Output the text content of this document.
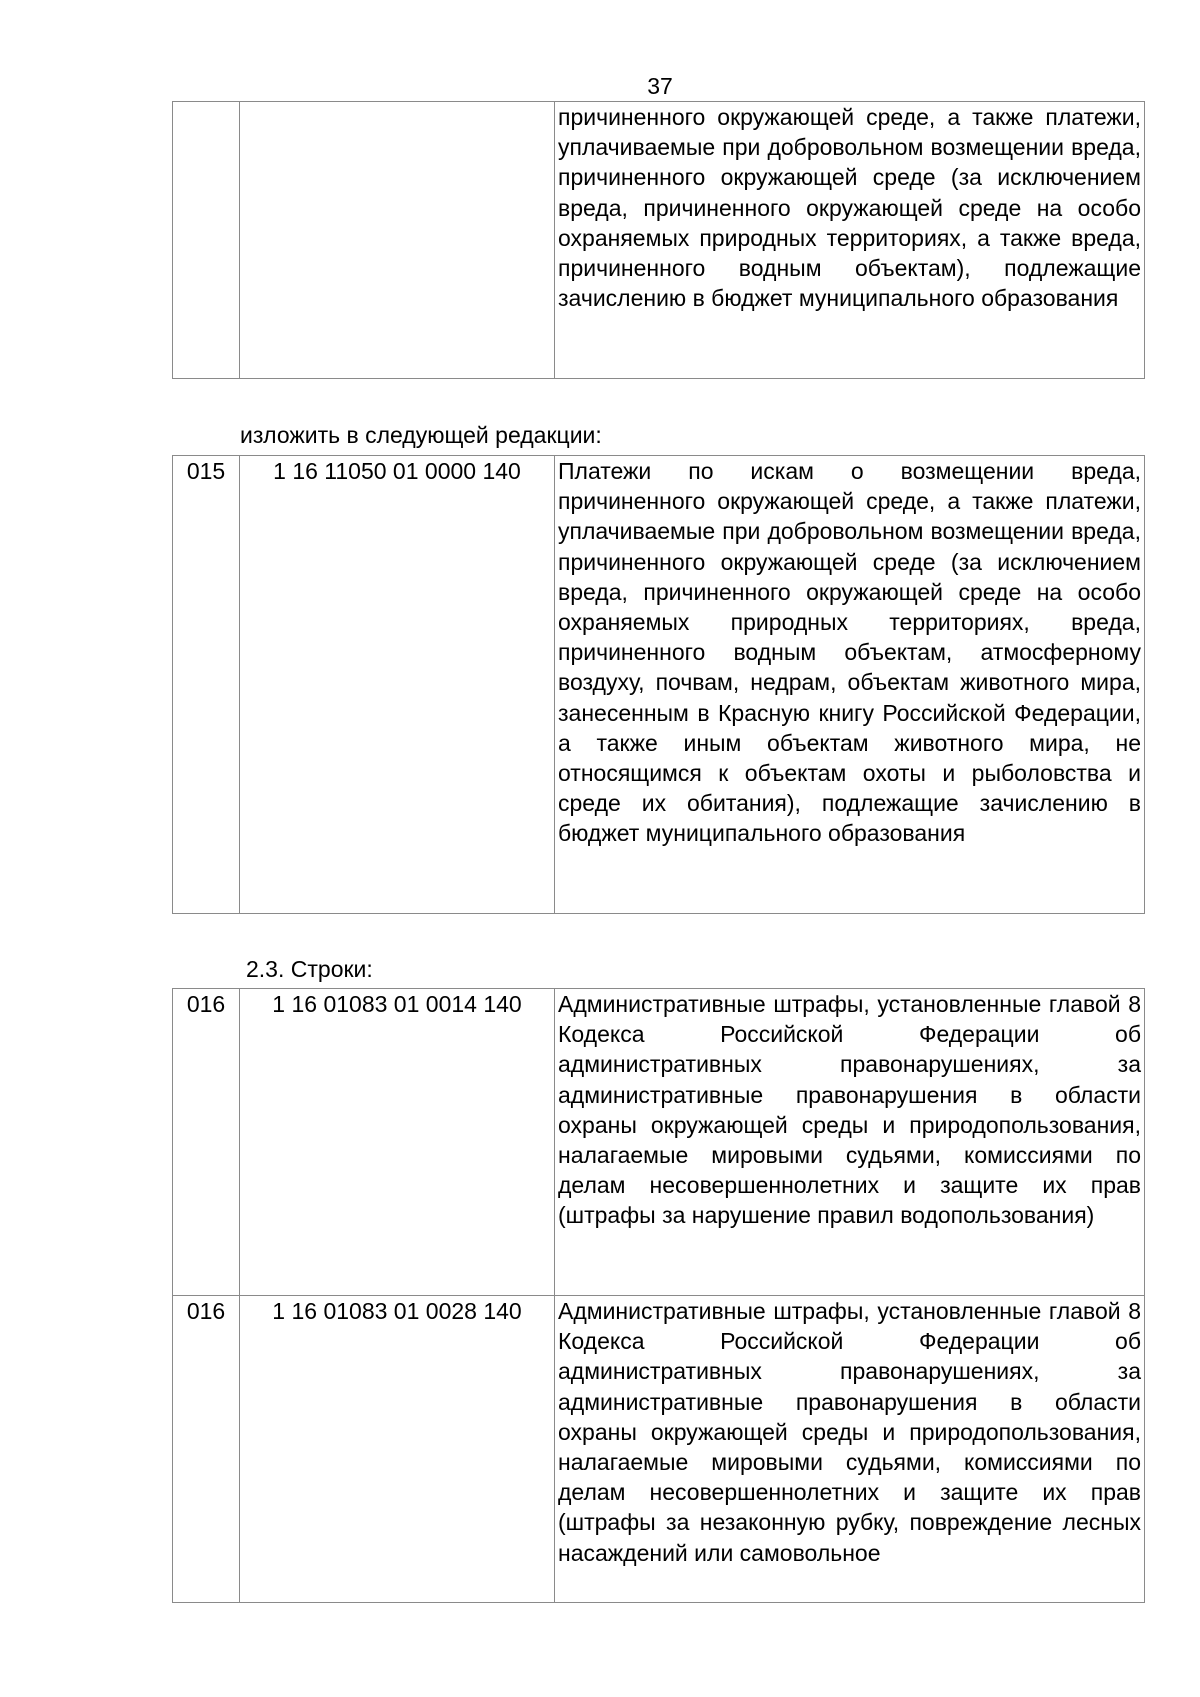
37
		причиненного окружающей среде, а также платежи, уплачиваемые при добровольном возмещении вреда, причиненного окружающей среде (за исключением вреда, причиненного окружающей среде на особо охраняемых природных территориях, а также вреда, причиненного водным объектам), подлежащие зачислению в бюджет муниципального образования
изложить в следующей редакции:
015	1 16 11050 01 0000 140	Платежи по искам о возмещении вреда, причиненного окружающей среде, а также платежи, уплачиваемые при добровольном возмещении вреда, причиненного окружающей среде (за исключением вреда, причиненного окружающей среде на особо охраняемых природных территориях, вреда, причиненного водным объектам, атмосферному воздуху, почвам, недрам, объектам животного мира, занесенным в Красную книгу Российской Федерации, а также иным объектам животного мира, не относящимся к объектам охоты и рыболовства и среде их обитания), подлежащие зачислению в бюджет муниципального образования
2.3. Строки:
016	1 16 01083 01 0014 140	Административные штрафы, установленные главой 8 Кодекса Российской Федерации об административных правонарушениях, за административные правонарушения в области охраны окружающей среды и природопользования, налагаемые мировыми судьями, комиссиями по делам несовершеннолетних и защите их прав (штрафы за нарушение правил водопользования)
016	1 16 01083 01 0028 140	Административные штрафы, установленные главой 8 Кодекса Российской Федерации об административных правонарушениях, за административные правонарушения в области охраны окружающей среды и природопользования, налагаемые мировыми судьями, комиссиями по делам несовершеннолетних и защите их прав (штрафы за незаконную рубку, повреждение лесных насаждений или самовольное
